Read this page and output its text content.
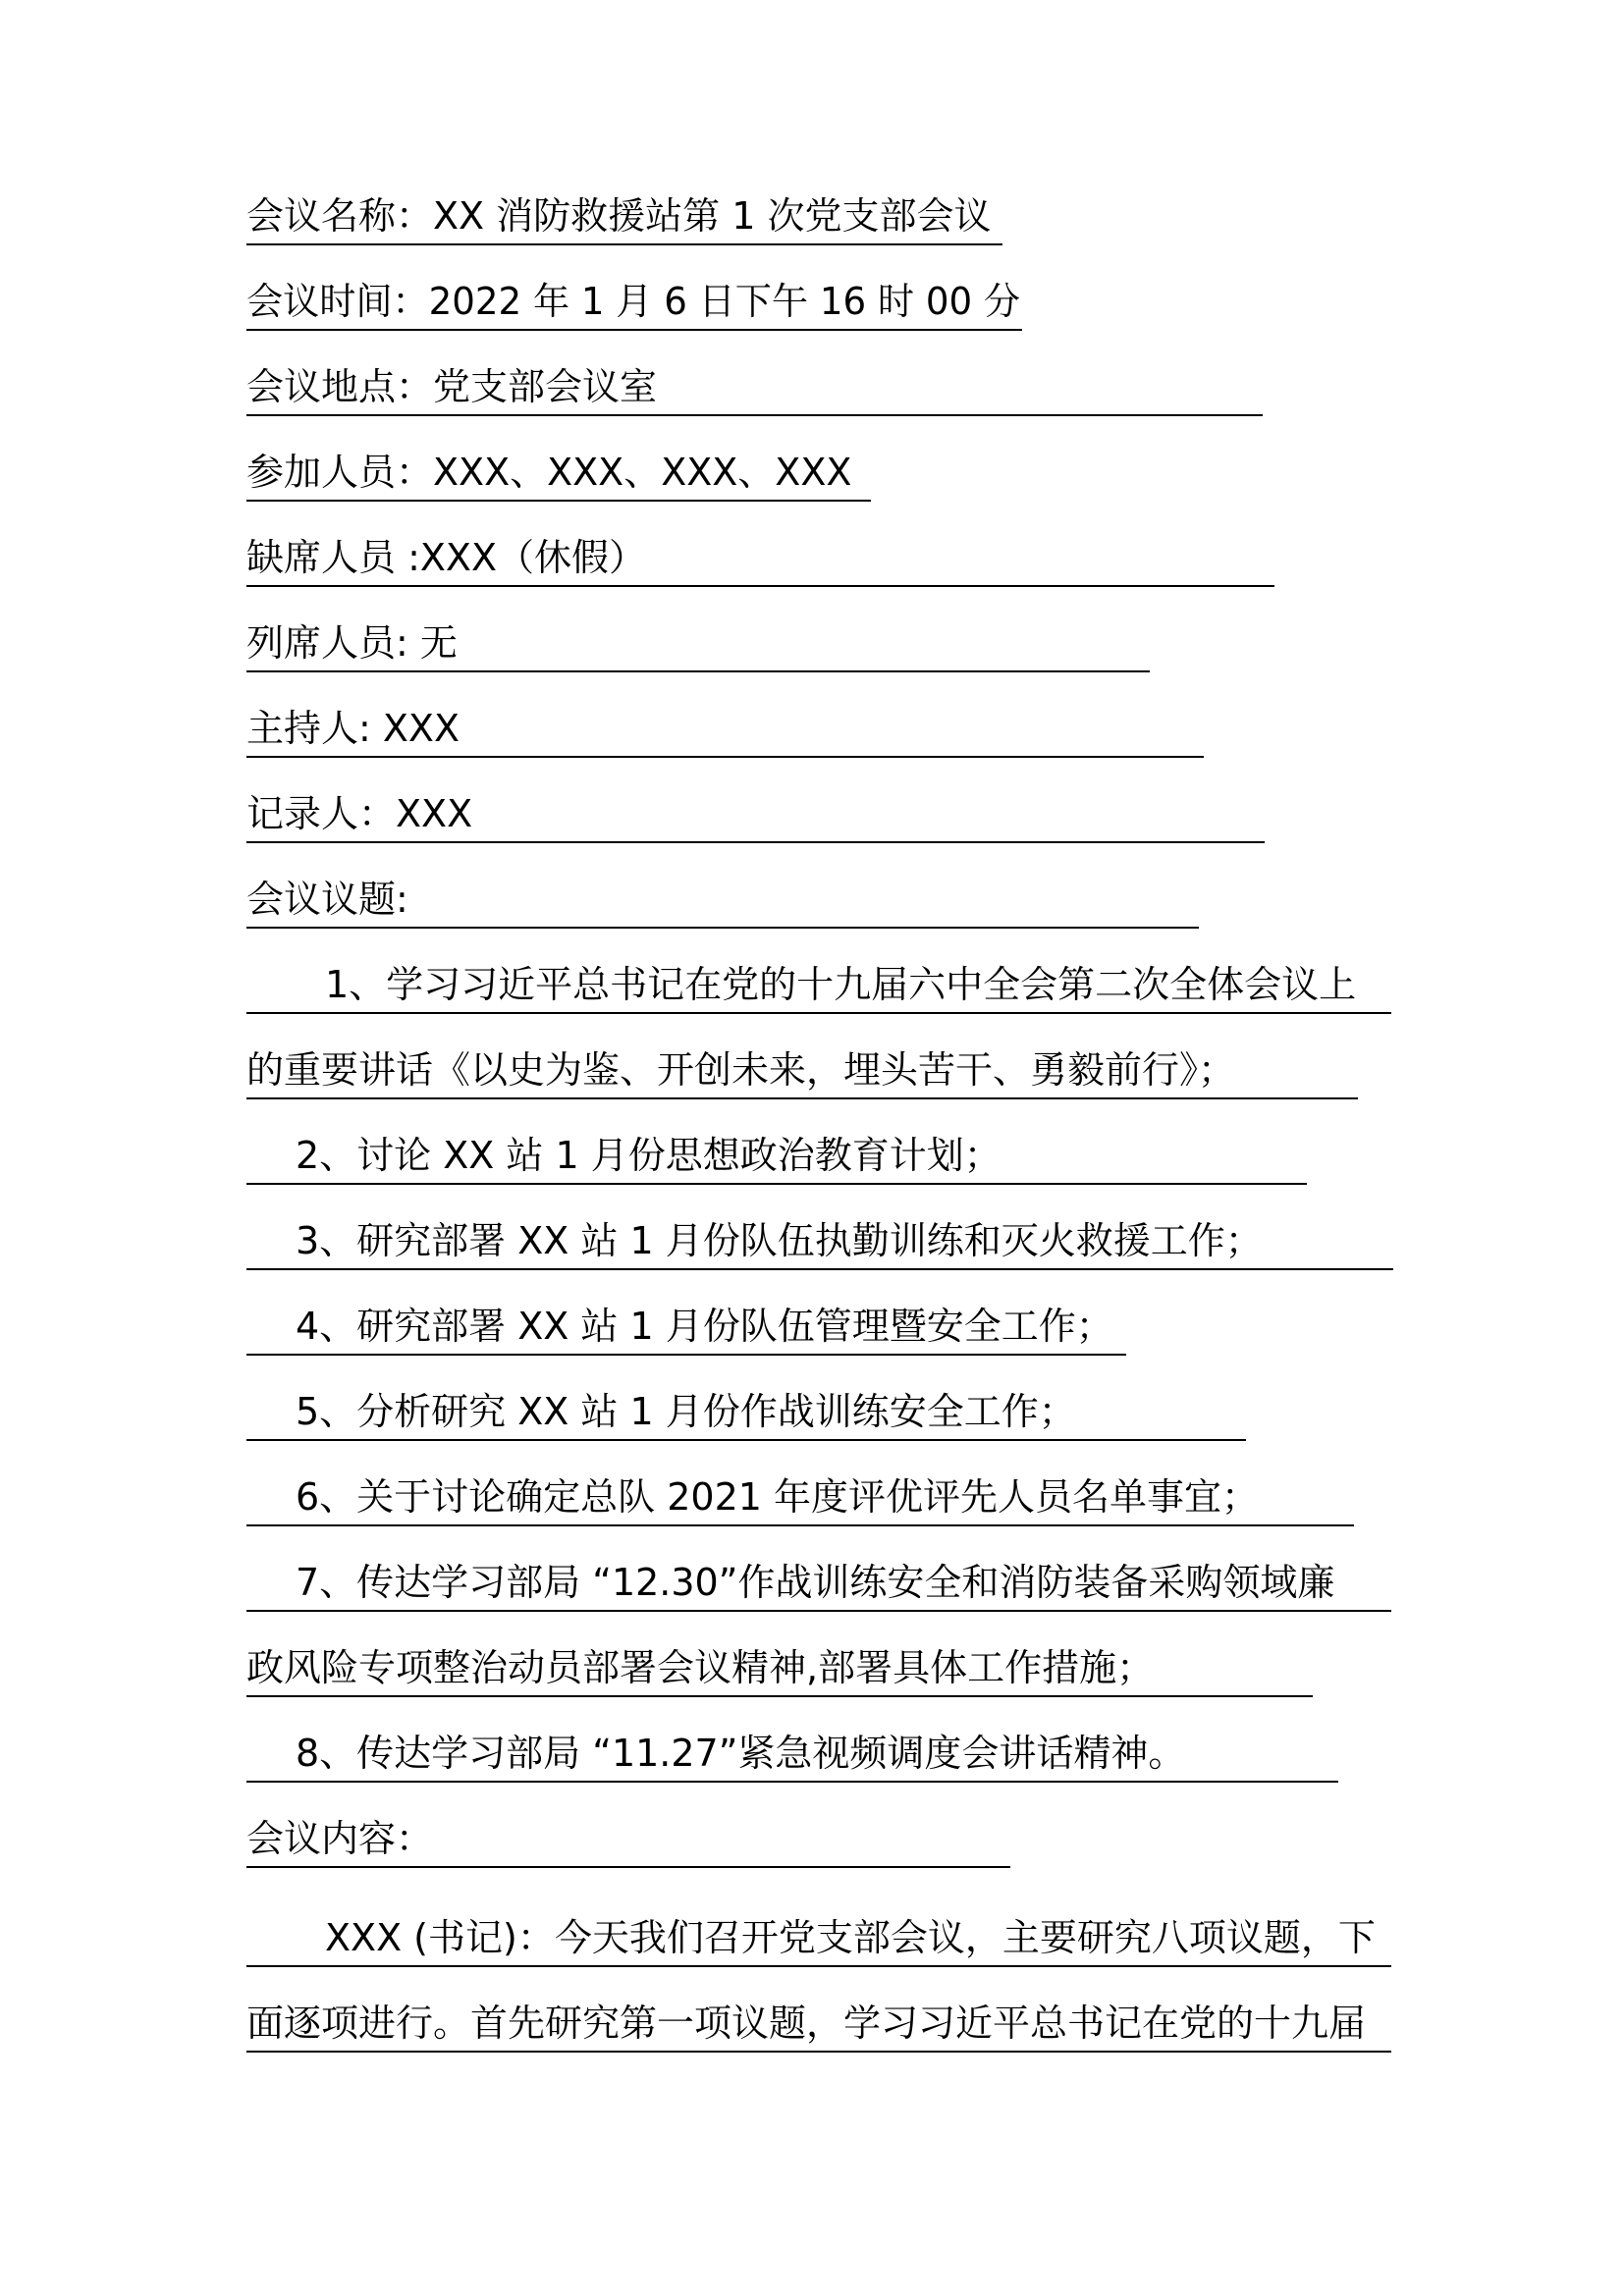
会议名称：XX 消防救援站第 1 次党支部会议
会议时间：2022 年 1 月 6 日下午 16 时 00 分
会议地点：党支部会议室
参加人员：XXX、XXX、XXX、XXX
缺席人员 :XXX（休假）
列席人员: 无
主持人: XXX
记录人：XXX
会议议题:
1、学习习近平总书记在党的十九届六中全会第二次全体会议上
的重要讲话《以史为鉴、开创未来，埋头苦干、勇毅前行》；
2、讨论 XX 站 1 月份思想政治教育计划；
3、研究部署 XX 站 1 月份队伍执勤训练和灭火救援工作；
4、研究部署 XX 站 1 月份队伍管理暨安全工作；
5、分析研究 XX 站 1 月份作战训练安全工作；
6、关于讨论确定总队 2021 年度评优评先人员名单事宜；
7、传达学习部局 “12.30”作战训练安全和消防装备采购领域廉
政风险专项整治动员部署会议精神,部署具体工作措施；
8、传达学习部局 “11.27”紧急视频调度会讲话精神。
会议内容：
XXX (书记)：今天我们召开党支部会议，主要研究八项议题，下
面逐项进行。首先研究第一项议题，学习习近平总书记在党的十九届
